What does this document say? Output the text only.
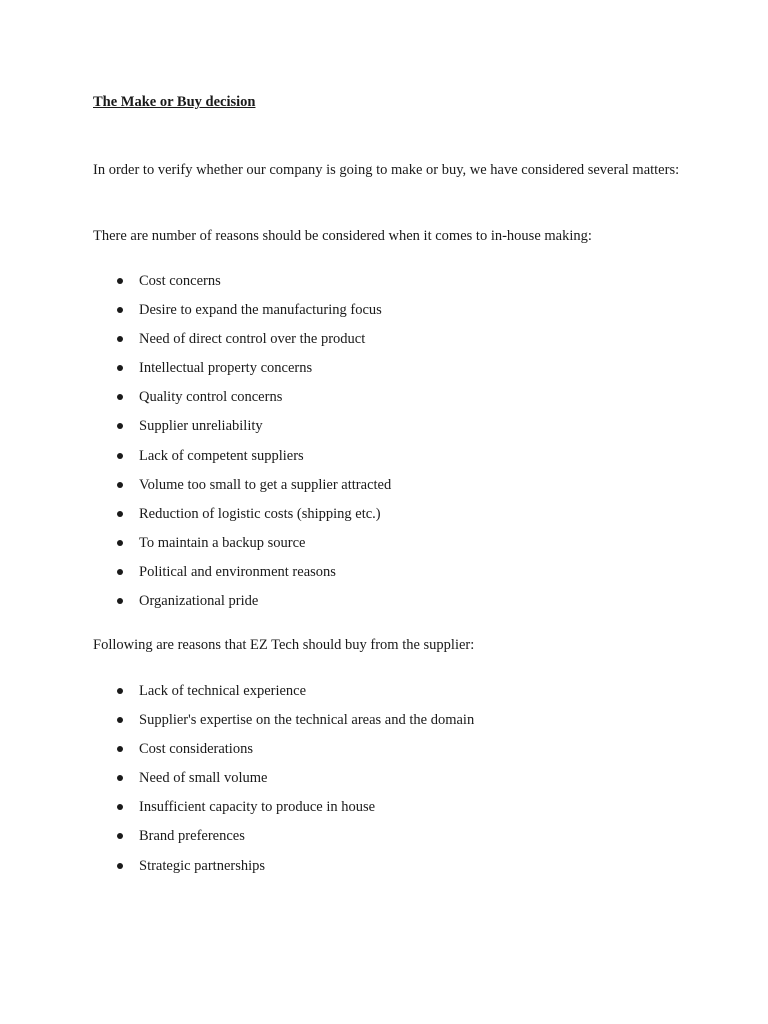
The Make or Buy decision

In order to verify whether our company is going to make or buy, we have considered several matters:

There are number of reasons should be considered when it comes to in-house making:

Cost concerns
Desire to expand the manufacturing focus
Need of direct control over the product
Intellectual property concerns
Quality control concerns
Supplier unreliability
Lack of competent suppliers
Volume too small to get a supplier attracted
Reduction of logistic costs (shipping etc.)
To maintain a backup source
Political and environment reasons
Organizational pride

Following are reasons that EZ Tech should buy from the supplier:

Lack of technical experience
Supplier's expertise on the technical areas and the domain
Cost considerations
Need of small volume
Insufficient capacity to produce in house
Brand preferences
Strategic partnerships
